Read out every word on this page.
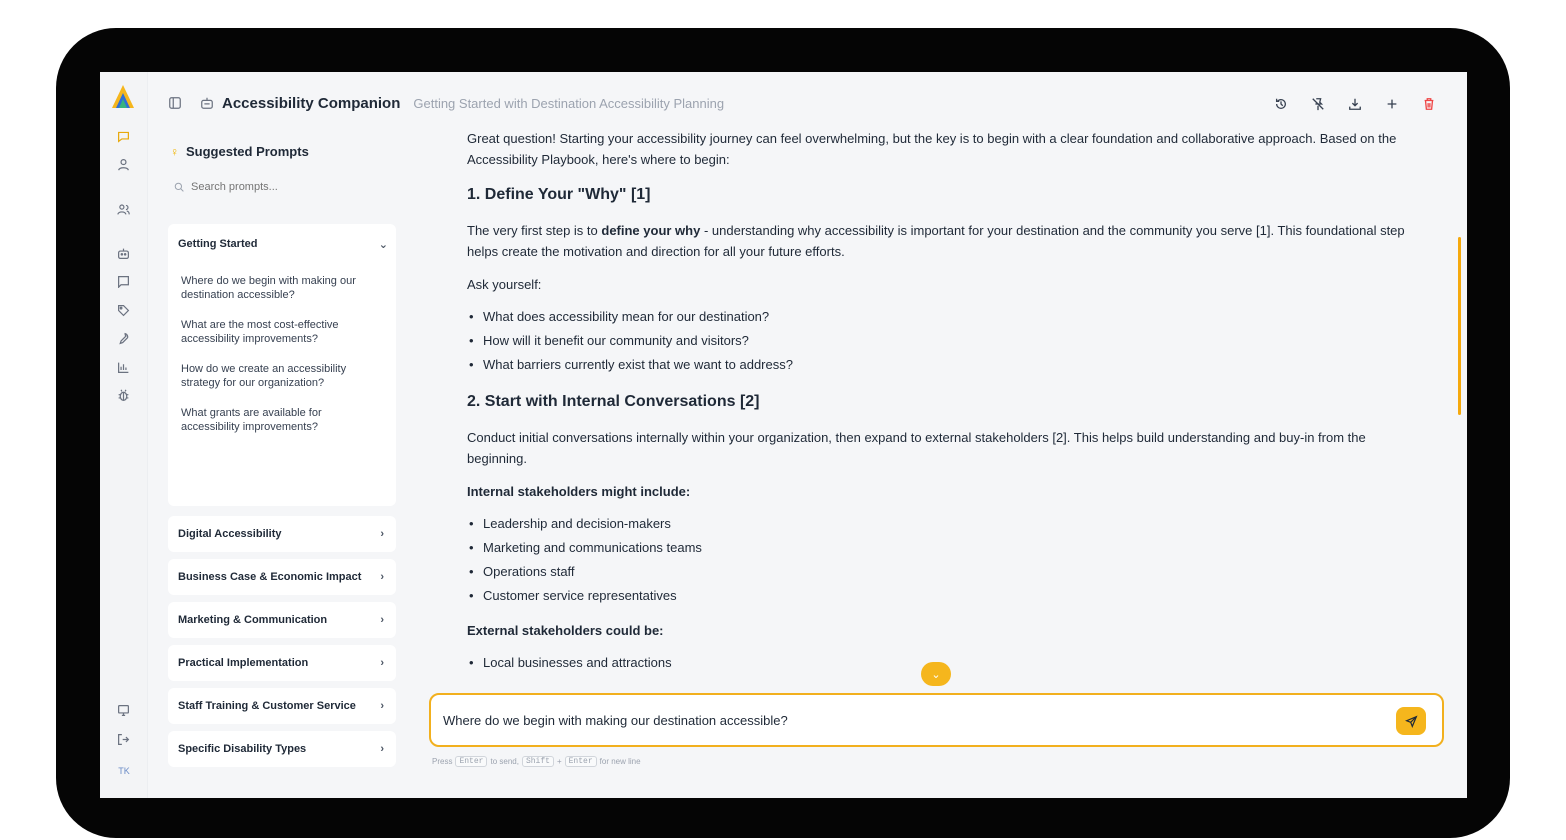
TK
Accessibility Companion Getting Started with Destination Accessibility Planning
♀ Suggested Prompts
Search prompts...
Getting Started	⌄
Where do we begin with making our destination accessible?
What are the most cost-effective accessibility improvements?
How do we create an accessibility strategy for our organization?
What grants are available for accessibility improvements?
Digital Accessibility	›
Business Case & Economic Impact ›
Marketing & Communication	›
Practical Implementation	›
Staff Training & Customer Service ›
Specific Disability Types	›

Great question! Starting your accessibility journey can feel overwhelming, but the key is to begin with a clear foundation and collaborative approach. Based on the Accessibility Playbook, here's where to begin:

1. Define Your "Why" [1]

The very first step is to define your why - understanding why accessibility is important for your destination and the community you serve [1]. This foundational step helps create the motivation and direction for all your future efforts.

Ask yourself:

• What does accessibility mean for our destination?
• How will it benefit our community and visitors?
• What barriers currently exist that we want to address?
2. Start with Internal Conversations [2]

Conduct initial conversations internally within your organization, then expand to external stakeholders [2]. This helps build understanding and buy-in from the beginning.

Internal stakeholders might include:

• Leadership and decision-makers
• Marketing and communications teams
• Operations staff
• Customer service representatives

External stakeholders could be:

• Local businesses and attractions
⌄
Where do we begin with making our destination accessible?
Press Enter to send, Shift + Enter for new line
